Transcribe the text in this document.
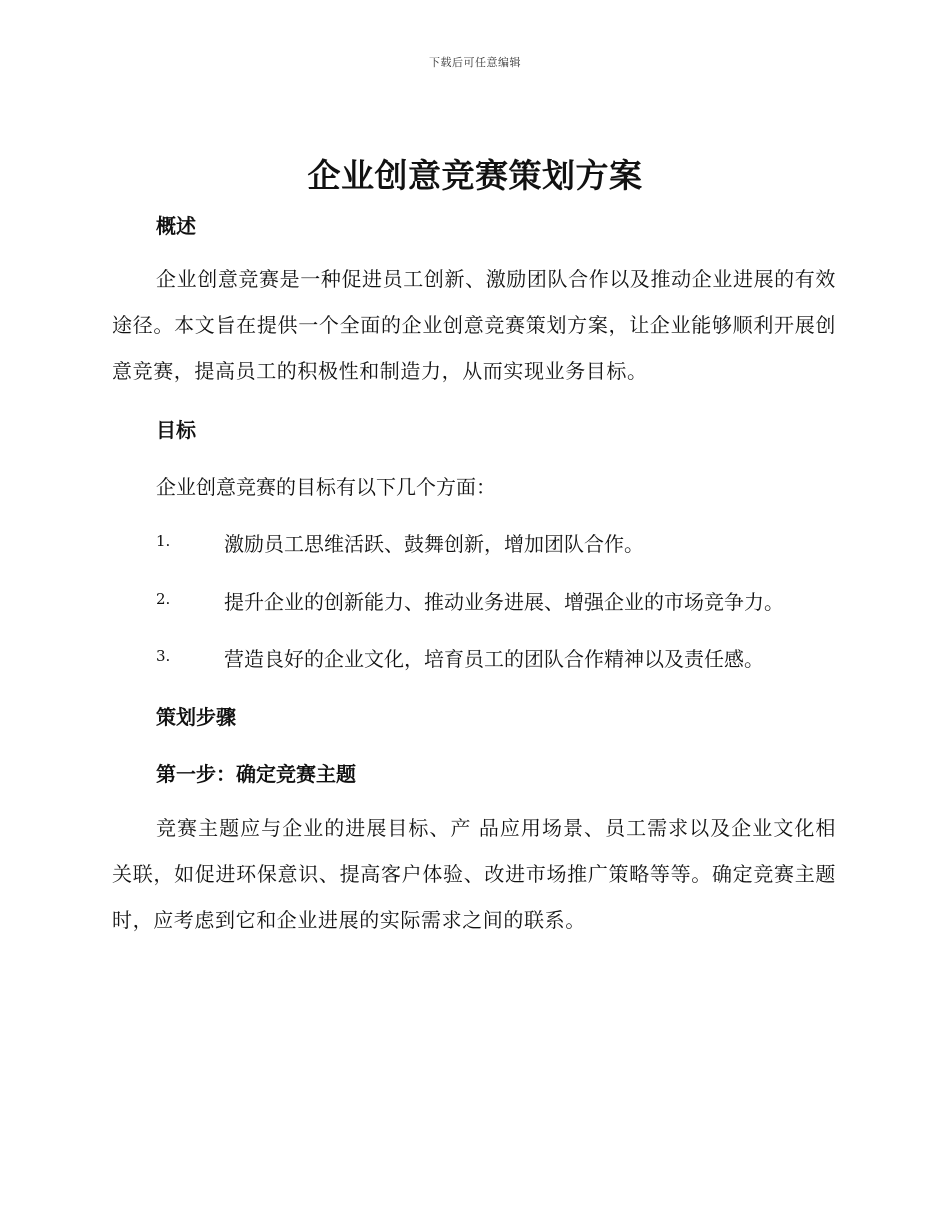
下载后可任意编辑
企业创意竞赛策划方案
概述
企业创意竞赛是一种促进员工创新、激励团队合作以及推动企业进展的有效途径。本文旨在提供一个全面的企业创意竞赛策划方案，让企业能够顺利开展创意竞赛，提高员工的积极性和制造力，从而实现业务目标。
目标
企业创意竞赛的目标有以下几个方面：
1.	激励员工思维活跃、鼓舞创新，增加团队合作。
2.	提升企业的创新能力、推动业务进展、增强企业的市场竞争力。
3.	营造良好的企业文化，培育员工的团队合作精神以及责任感。
策划步骤
第一步：确定竞赛主题
竞赛主题应与企业的进展目标、产 品应用场景、员工需求以及企业文化相关联，如促进环保意识、提高客户体验、改进市场推广策略等等。确定竞赛主题时，应考虑到它和企业进展的实际需求之间的联系。
